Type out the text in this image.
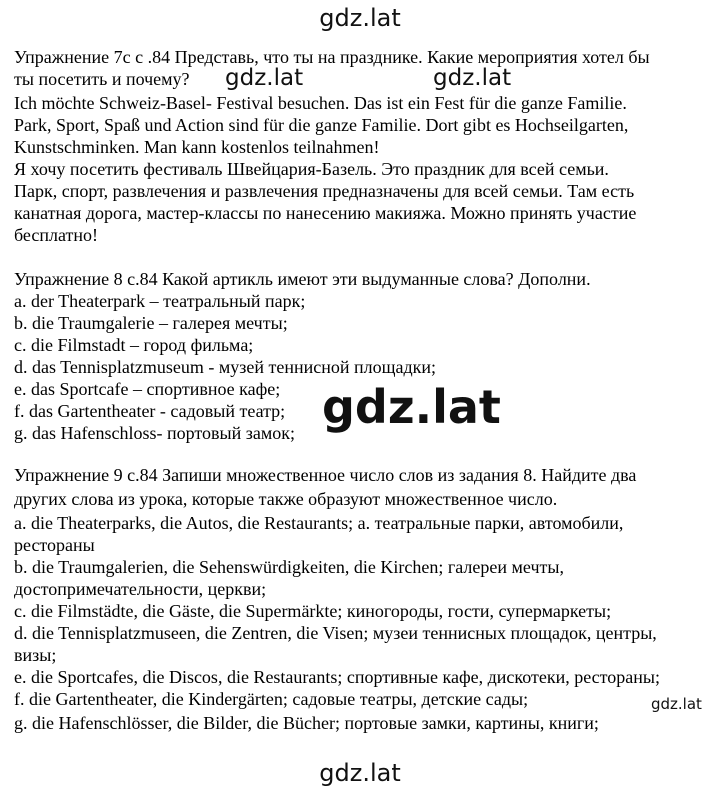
gdz.lat
Упражнение 7c с .84 Представь, что ты на празднике. Какие мероприятия хотел бы
ты посетить и почему?
Ich möchte Schweiz-Basel- Festival besuchen. Das ist ein Fest für die ganze Familie.
Park, Sport, Spaß und Action sind für die ganze Familie. Dort gibt es Hochseilgarten,
Kunstschminken. Man kann kostenlos teilnahmen!
Я хочу посетить фестиваль Швейцария-Базель. Это праздник для всей семьи.
Парк, спорт, развлечения и развлечения предназначены для всей семьи. Там есть
канатная дорога, мастер-классы по нанесению макияжа. Можно принять участие
бесплатно!
gdz.lat	gdz.lat
Упражнение 8 с.84 Какой артикль имеют эти выдуманные слова? Дополни.
a. der Theaterpark – театральный парк;
b. die Traumgalerie – галерея мечты;
c. die Filmstadt – город фильма;
d. das Tennisplatzmuseum - музей теннисной площадки;
e. das Sportcafe – спортивное кафе;
f. das Gartentheater - садовый театр;
g. das Hafenschloss- портовый замок; gdz.lat
Упражнение 9 с.84 Запиши множественное число слов из задания 8. Найдите два
других слова из урока, которые также образуют множественное число.
a. die Theaterparks, die Autos, die Restaurants; a. театральные парки, автомобили,
рестораны
b. die Traumgalerien, die Sehenswürdigkeiten, die Kirchen; галереи мечты,
достопримечательности, церкви;
c. die Filmstädte, die Gäste, die Supermärkte; киногороды, гости, супермаркеты;
d. die Tennisplatzmuseen, die Zentren, die Visen; музеи теннисных площадок, центры,
визы;
e. die Sportcafes, die Discos, die Restaurants; спортивные кафе, дискотеки, рестораны;
f. die Gartentheater, die Kindergärten; садовые театры, детские сады;
g. die Hafenschlösser, die Bilder, die Bücher; портовые замки, картины, книги;
gdz.lat
gdz.lat
